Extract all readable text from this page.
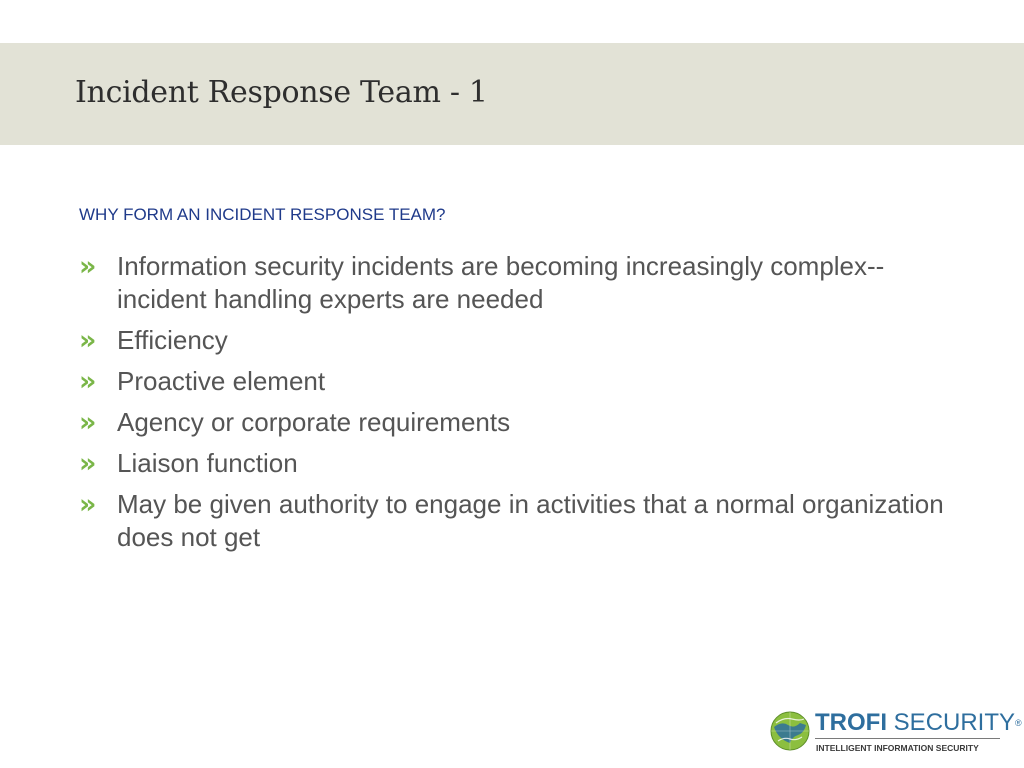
Incident Response Team - 1
WHY FORM AN INCIDENT RESPONSE TEAM?
» Information security incidents are becoming increasingly complex--incident handling experts are needed
» Efficiency
» Proactive element
» Agency or corporate requirements
» Liaison function
» May be given authority to engage in activities that a normal organization does not get
TROFI SECURITY®
INTELLIGENT INFORMATION SECURITY
